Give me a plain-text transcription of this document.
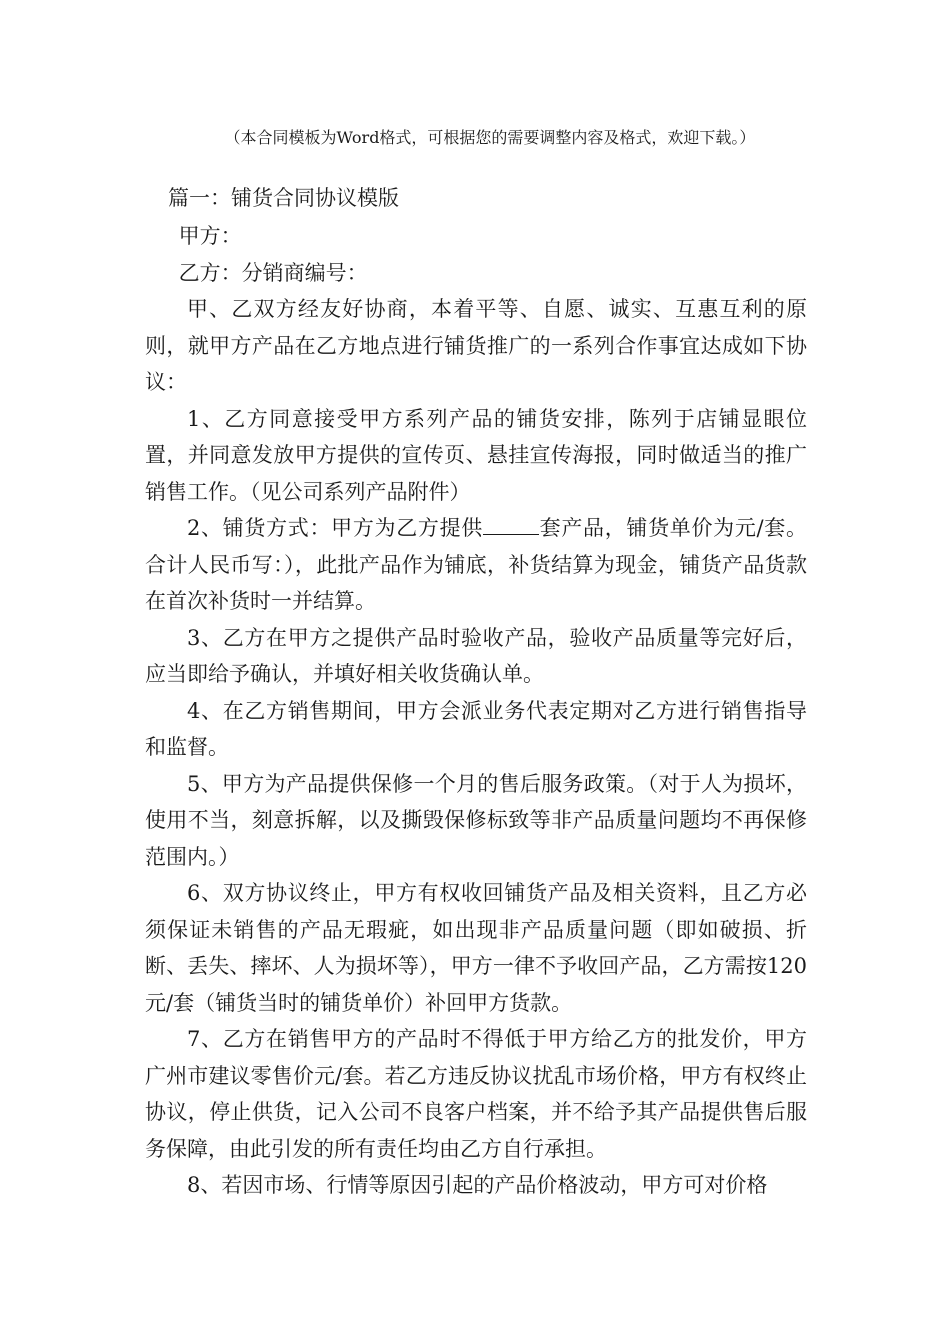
（本合同模板为Word格式，可根据您的需要调整内容及格式，欢迎下载。）
篇一：铺货合同协议模版

甲方：

乙方：分销商编号：

甲、乙双方经友好协商，本着平等、自愿、诚实、互惠互利的原则，就甲方产品在乙方地点进行铺货推广的一系列合作事宜达成如下协议：

1、乙方同意接受甲方系列产品的铺货安排，陈列于店铺显眼位置，并同意发放甲方提供的宣传页、悬挂宣传海报，同时做适当的推广销售工作。（见公司系列产品附件）

2、铺货方式：甲方为乙方提供	套产品，铺货单价为元/套。合计人民币写：），此批产品作为铺底，补货结算为现金，铺货产品货款在首次补货时一并结算。

3、乙方在甲方之提供产品时验收产品，验收产品质量等完好后，应当即给予确认，并填好相关收货确认单。

4、在乙方销售期间，甲方会派业务代表定期对乙方进行销售指导和监督。

5、甲方为产品提供保修一个月的售后服务政策。（对于人为损坏，使用不当，刻意拆解，以及撕毁保修标致等非产品质量问题均不再保修范围内。）

6、双方协议终止，甲方有权收回铺货产品及相关资料，且乙方必须保证未销售的产品无瑕疵，如出现非产品质量问题（即如破损、折断、丢失、摔坏、人为损坏等），甲方一律不予收回产品，乙方需按120元/套（铺货当时的铺货单价）补回甲方货款。

7、乙方在销售甲方的产品时不得低于甲方给乙方的批发价，甲方广州市建议零售价元/套。若乙方违反协议扰乱市场价格，甲方有权终止协议，停止供货，记入公司不良客户档案，并不给予其产品提供售后服务保障，由此引发的所有责任均由乙方自行承担。

8、若因市场、行情等原因引起的产品价格波动，甲方可对价格
